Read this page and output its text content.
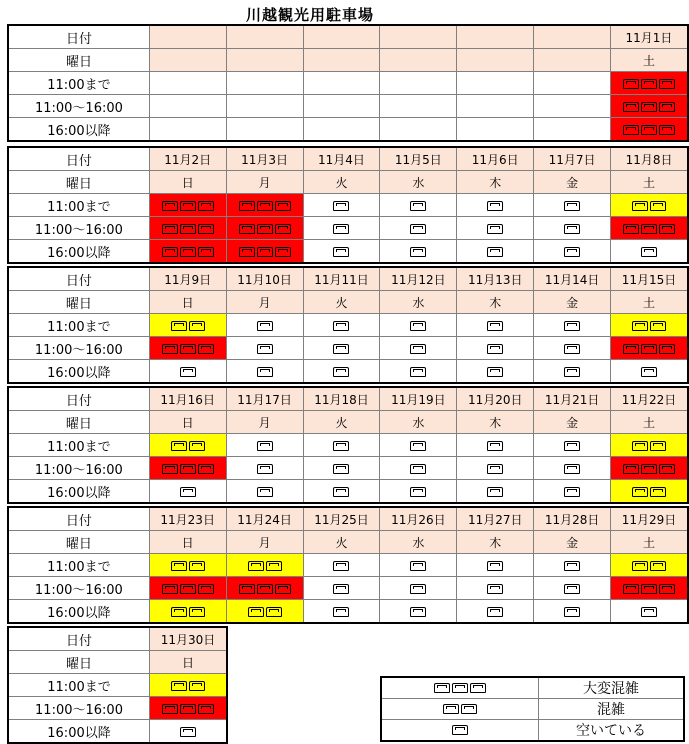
川越観光用駐車場
日付							11月1日
曜日							土
11:00まで							
11:00～16:00							
16:00以降							
日付	11月2日	11月3日	11月4日	11月5日	11月6日	11月7日	11月8日
曜日	日	月	火	水	木	金	土
11:00まで							
11:00～16:00							
16:00以降							
日付	11月9日	11月10日	11月11日	11月12日	11月13日	11月14日	11月15日
曜日	日	月	火	水	木	金	土
11:00まで							
11:00～16:00							
16:00以降							
日付	11月16日	11月17日	11月18日	11月19日	11月20日	11月21日	11月22日
曜日	日	月	火	水	木	金	土
11:00まで							
11:00～16:00							
16:00以降							
日付	11月23日	11月24日	11月25日	11月26日	11月27日	11月28日	11月29日
曜日	日	月	火	水	木	金	土
11:00まで							
11:00～16:00							
16:00以降							
日付	11月30日
曜日	日
11:00まで	
11:00～16:00	
16:00以降	
	大変混雑
	混雑
	空いている
